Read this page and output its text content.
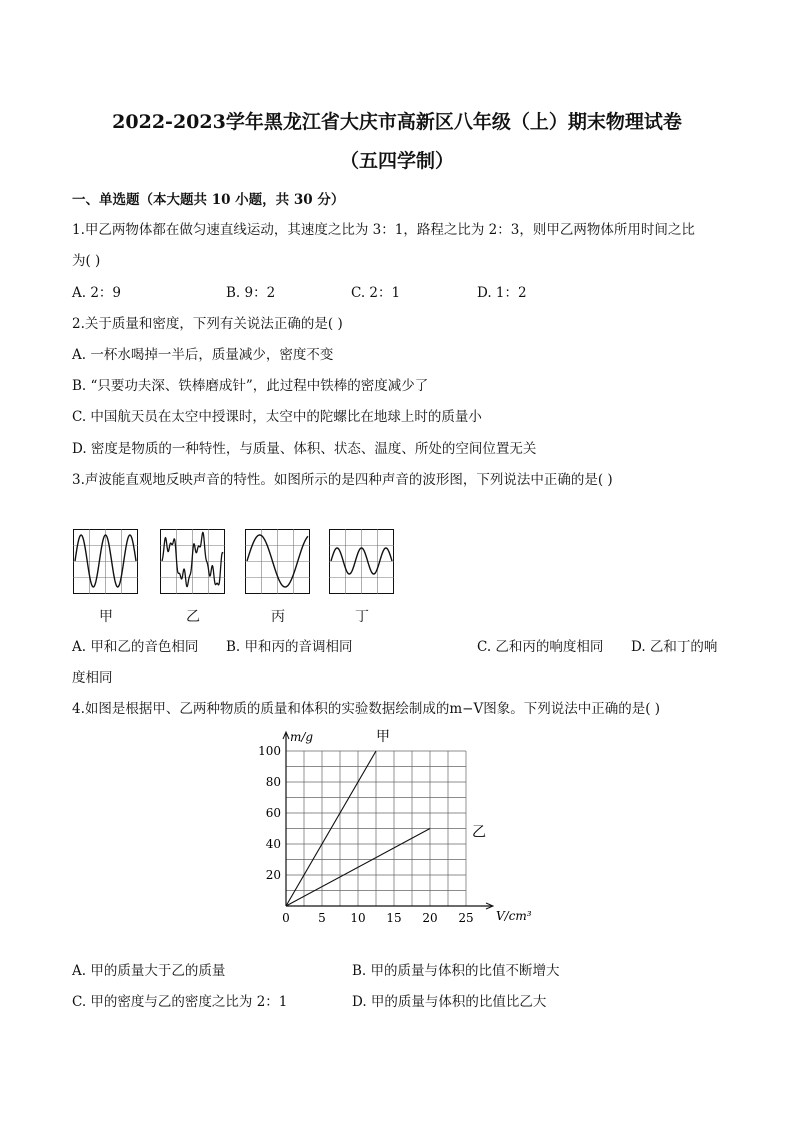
2022-2023学年黑龙江省大庆市高新区八年级（上）期末物理试卷
（五四学制）
一、单选题（本大题共 10 小题，共 30 分）
1.甲乙两物体都在做匀速直线运动，其速度之比为 3：1，路程之比为 2：3，则甲乙两物体所用时间之比
为( )
A. 2：9	B. 9：2	C. 2：1	D. 1：2
2.关于质量和密度，下列有关说法正确的是( )
A. 一杯水喝掉一半后，质量减少，密度不变
B. “只要功夫深、铁棒磨成针”，此过程中铁棒的密度减少了
C. 中国航天员在太空中授课时，太空中的陀螺比在地球上时的质量小
D. 密度是物质的一种特性，与质量、体积、状态、温度、所处的空间位置无关
3.声波能直观地反映声音的特性。如图所示的是四种声音的波形图，下列说法中正确的是( )
甲	乙	丙	丁
A. 甲和乙的音色相同 B. 甲和丙的音调相同	C. 乙和丙的响度相同 D. 乙和丁的响
度相同
4.如图是根据甲、乙两种物质的质量和体积的实验数据绘制成的m−V图象。下列说法中正确的是( )
0 5 10 15 20 25
20
40
60
80
100
m/g
V/cm³
甲
乙
A. 甲的质量大于乙的质量	B. 甲的质量与体积的比值不断增大
C. 甲的密度与乙的密度之比为 2：1	D. 甲的质量与体积的比值比乙大
